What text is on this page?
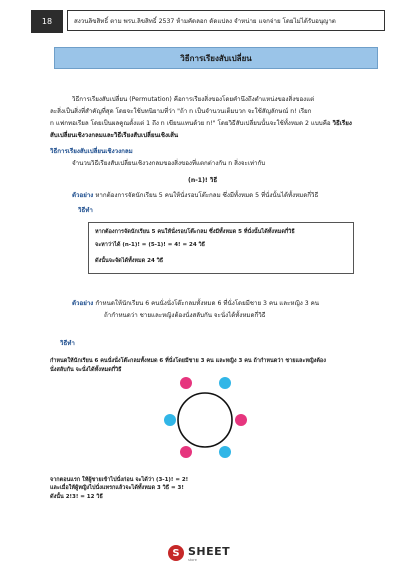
18	สงวนลิขสิทธิ์ ตาม พรบ.ลิขสิทธิ์ 2537 ห้ามคัดลอก ดัดแปลง จำหน่าย แจกจ่าย โดยไม่ได้รับอนุญาต
วิธีการเรียงสับเปลี่ยน
วิธีการเรียงสับเปลี่ยน (Permutation) คือการเรียงสิ่งของโดยคำนึงถึงตำแหน่งของสิ่งของแต่
ละสิ่งเป็นสิ่งที่สำคัญที่สุด โดยจะใช้บทนิยามที่ว่า "ถ้า n เป็นจำนวนเต็มบวก จะใช้สัญลักษณ์ n! เรียก
n แฟกทอเรียล โดยเป็นผลคูณตั้งแต่ 1 ถึง n เขียนแทนด้วย n!" โดยวิธีสับเปลี่ยนนั้นจะใช้ทั้งหมด 2 แบบคือ วิธีเรียง
สับเปลี่ยนเชิงวงกลมและวิธีเรียงสับเปลี่ยนเชิงเส้น
วิธีการเรียงสับเปลี่ยนเชิงวงกลม
จำนวนวิธีเรียงสับเปลี่ยนเชิงวงกลมของสิ่งของที่แตกต่างกัน n สิ่งจะเท่ากับ
(n-1)! วิธี
ตัวอย่าง หากต้องการจัดนักเรียน 5 คนให้นั่งรอบโต๊ะกลม ซึ่งมีทั้งหมด 5 ที่นั่งนั้นได้ทั้งหมดกี่วิธี
วิธีทำ
หากต้องการจัดนักเรียน 5 คนให้นั่งรอบโต๊ะกลม ซึ่งมีทั้งหมด 5 ที่นั่งนั้นได้ทั้งหมดกี่วิธี
จะหาว่าได้ (n-1)! = (5-1)! = 4! = 24 วิธี
ดังนั้นจะจัดได้ทั้งหมด 24 วิธี
ตัวอย่าง กำหนดให้นักเรียน 6 คนนั่งนั่งโต๊ะกลมทั้งหมด 6 ที่นั่งโดยมีชาย 3 คน และหญิง 3 คน
ถ้ากำหนดว่า ชายและหญิงต้องนั่งสลับกัน จะนั่งได้ทั้งหมดกี่วิธี
วิธีทำ
กำหนดให้นักเรียน 6 คนนั่งนั่งโต๊ะกลมทั้งหมด 6 ที่นั่งโดยมีชาย 3 คน และหญิง 3 คน ถ้ากำหนดว่า ชายและหญิงต้อง
นั่งสลับกัน จะนั่งได้ทั้งหมดกี่วิธี
จากตอนแรก ให้ผู้ชายเข้าไปนั่งก่อน จะได้ว่า (3-1)! = 2!
และเมื่อให้ผู้หญิงไปนั่งแทรกแล้วจะได้ทั้งหมด 3 วิธี = 3!
ดังนั้น 2!3! = 12 วิธี
S SHEET
store
